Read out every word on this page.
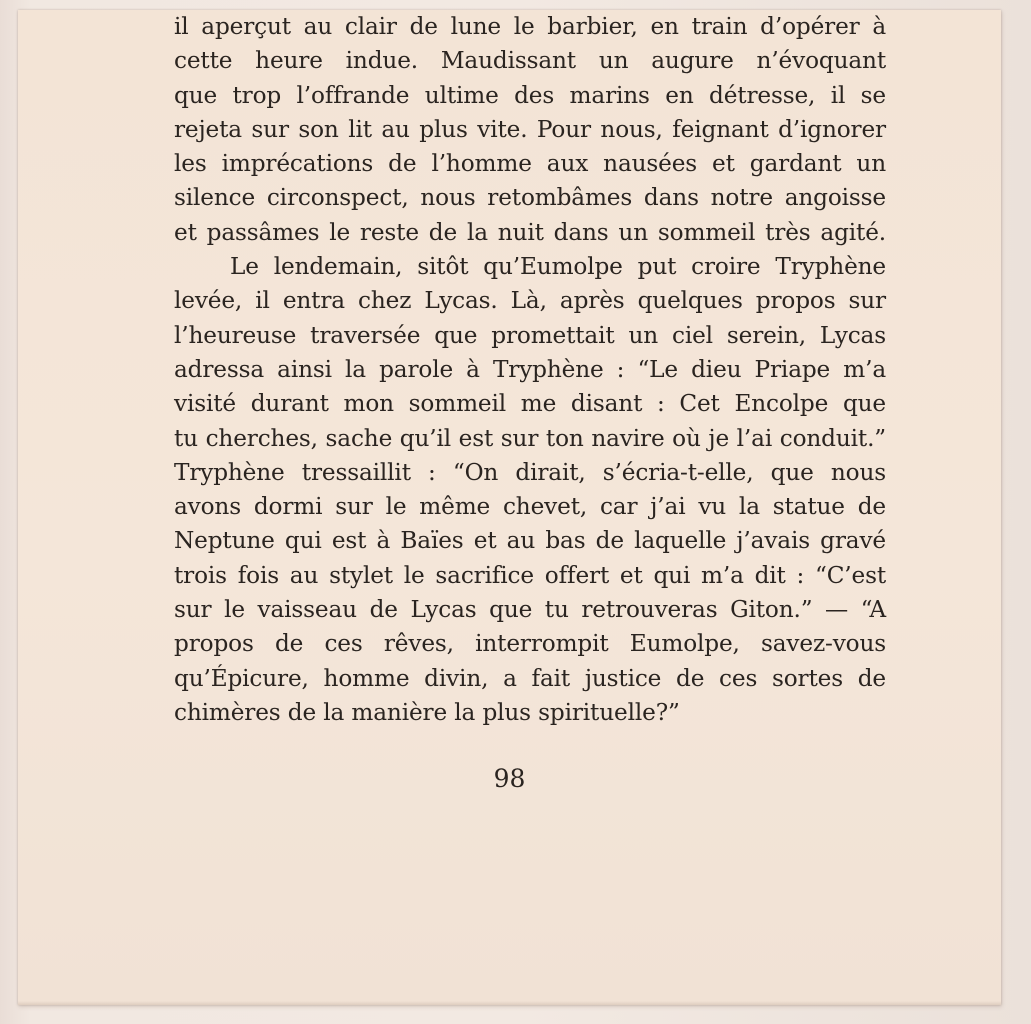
il aperçut au clair de lune le barbier, en train d’opérer à
cette heure indue. Maudissant un augure n’évoquant
que trop l’offrande ultime des marins en détresse, il se
rejeta sur son lit au plus vite. Pour nous, feignant d’ignorer
les imprécations de l’homme aux nausées et gardant un
silence circonspect, nous retombâmes dans notre angoisse
et passâmes le reste de la nuit dans un sommeil très agité.
Le lendemain, sitôt qu’Eumolpe put croire Tryphène
levée, il entra chez Lycas. Là, après quelques propos sur
l’heureuse traversée que promettait un ciel serein, Lycas
adressa ainsi la parole à Tryphène : “Le dieu Priape m’a
visité durant mon sommeil me disant : Cet Encolpe que
tu cherches, sache qu’il est sur ton navire où je l’ai conduit.”
Tryphène tressaillit : “On dirait, s’écria-t-elle, que nous
avons dormi sur le même chevet, car j’ai vu la statue de
Neptune qui est à Baïes et au bas de laquelle j’avais gravé
trois fois au stylet le sacrifice offert et qui m’a dit : “C’est
sur le vaisseau de Lycas que tu retrouveras Giton.” — “A
propos de ces rêves, interrompit Eumolpe, savez-vous
qu’Épicure, homme divin, a fait justice de ces sortes de
chimères de la manière la plus spirituelle?”
98
